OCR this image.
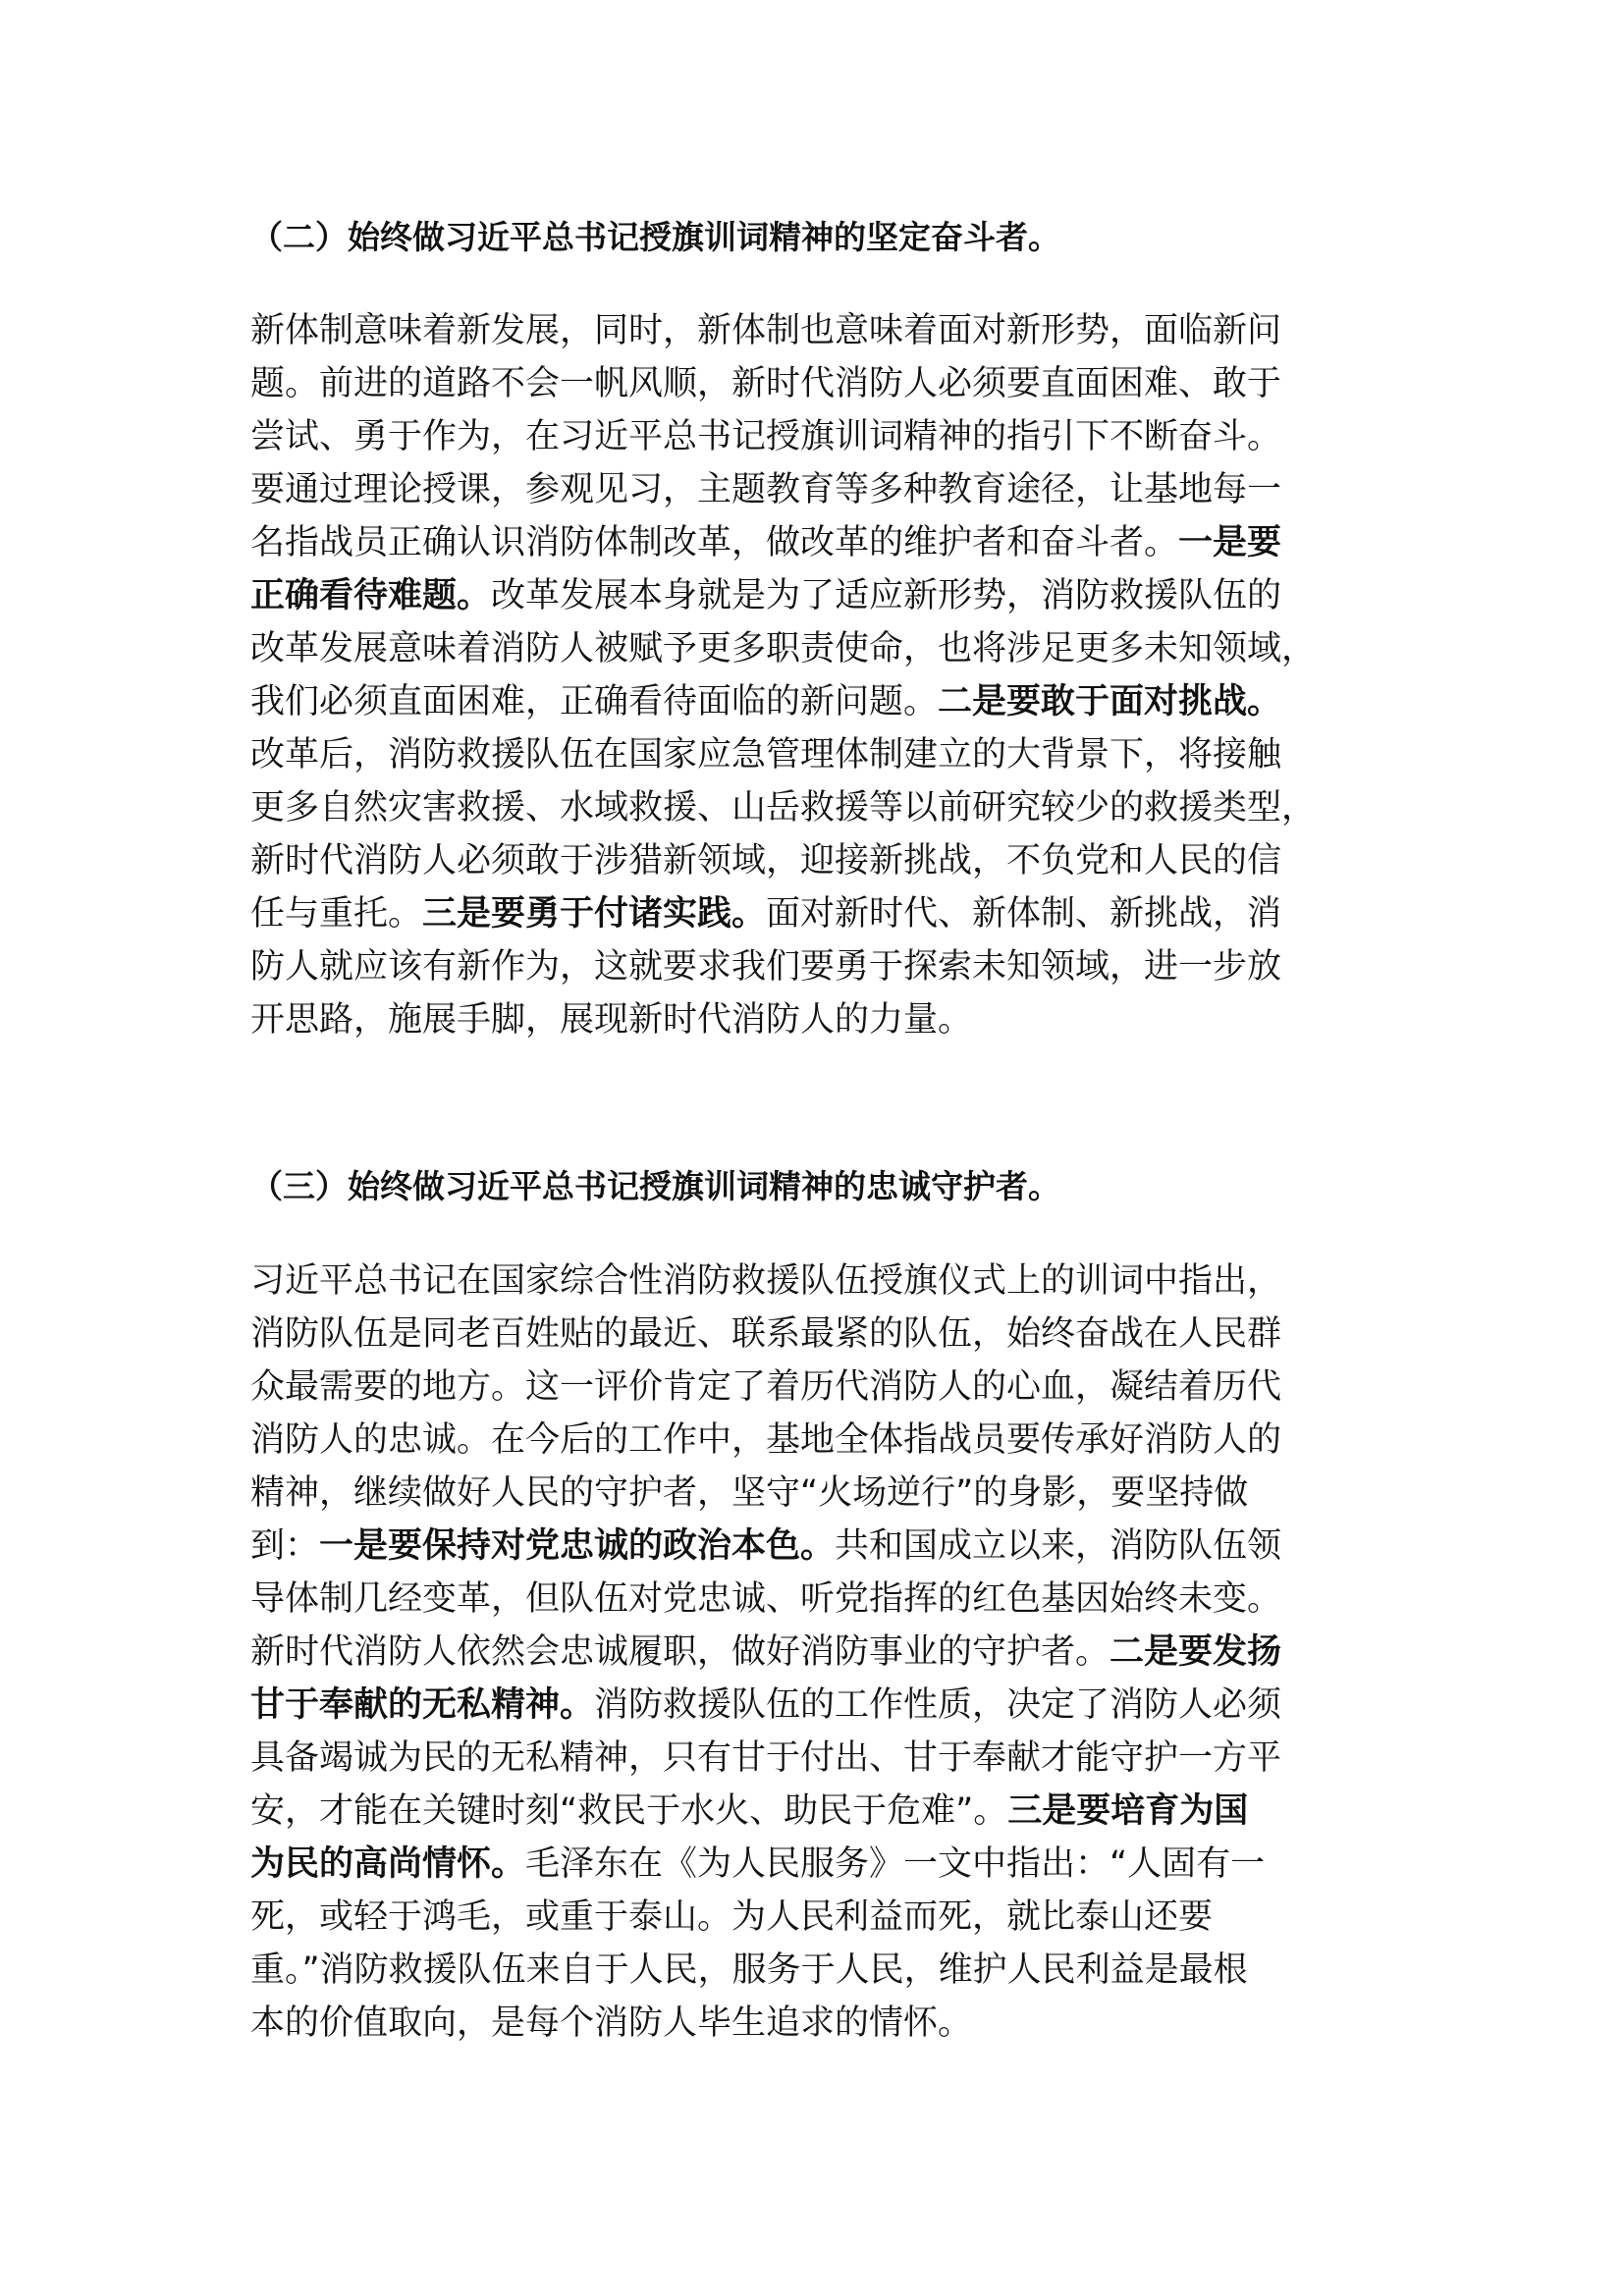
（二）始终做习近平总书记授旗训词精神的坚定奋斗者。
新体制意味着新发展，同时，新体制也意味着面对新形势，面临新问
题。前进的道路不会一帆风顺，新时代消防人必须要直面困难、敢于
尝试、勇于作为，在习近平总书记授旗训词精神的指引下不断奋斗。
要通过理论授课，参观见习，主题教育等多种教育途径，让基地每一
名指战员正确认识消防体制改革，做改革的维护者和奋斗者。一是要
正确看待难题。改革发展本身就是为了适应新形势，消防救援队伍的
改革发展意味着消防人被赋予更多职责使命，也将涉足更多未知领域，
我们必须直面困难，正确看待面临的新问题。二是要敢于面对挑战。
改革后，消防救援队伍在国家应急管理体制建立的大背景下，将接触
更多自然灾害救援、水域救援、山岳救援等以前研究较少的救援类型，
新时代消防人必须敢于涉猎新领域，迎接新挑战，不负党和人民的信
任与重托。三是要勇于付诸实践。面对新时代、新体制、新挑战，消
防人就应该有新作为，这就要求我们要勇于探索未知领域，进一步放
开思路，施展手脚，展现新时代消防人的力量。
（三）始终做习近平总书记授旗训词精神的忠诚守护者。
习近平总书记在国家综合性消防救援队伍授旗仪式上的训词中指出，
消防队伍是同老百姓贴的最近、联系最紧的队伍，始终奋战在人民群
众最需要的地方。这一评价肯定了着历代消防人的心血，凝结着历代
消防人的忠诚。在今后的工作中，基地全体指战员要传承好消防人的
精神，继续做好人民的守护者，坚守“火场逆行”的身影，要坚持做
到：一是要保持对党忠诚的政治本色。共和国成立以来，消防队伍领
导体制几经变革，但队伍对党忠诚、听党指挥的红色基因始终未变。
新时代消防人依然会忠诚履职，做好消防事业的守护者。二是要发扬
甘于奉献的无私精神。消防救援队伍的工作性质，决定了消防人必须
具备竭诚为民的无私精神，只有甘于付出、甘于奉献才能守护一方平
安，才能在关键时刻“救民于水火、助民于危难”。三是要培育为国
为民的高尚情怀。毛泽东在《为人民服务》一文中指出：“人固有一
死，或轻于鸿毛，或重于泰山。为人民利益而死，就比泰山还要
重。”消防救援队伍来自于人民，服务于人民，维护人民利益是最根
本的价值取向，是每个消防人毕生追求的情怀。
